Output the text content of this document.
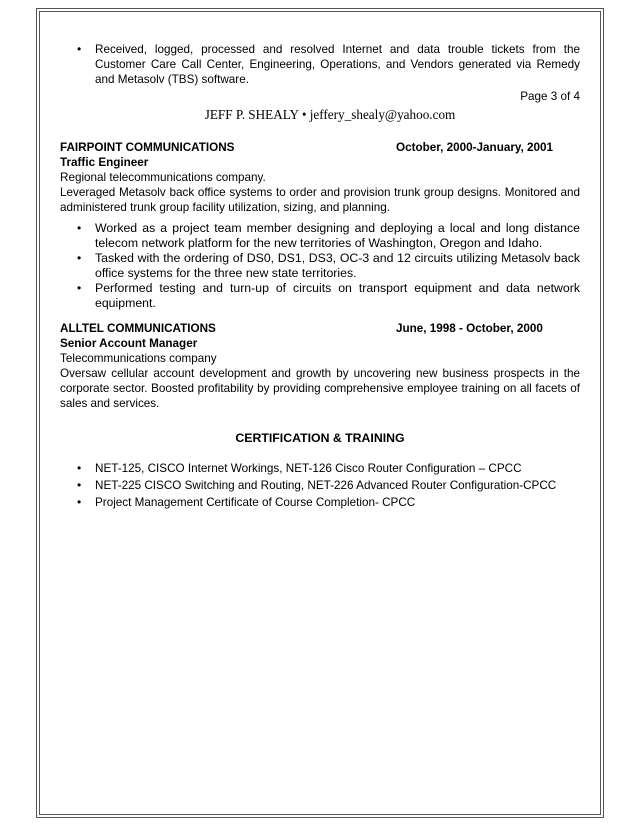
• Received, logged, processed and resolved Internet and data trouble tickets from the Customer Care Call Center, Engineering, Operations, and Vendors generated via Remedy and Metasolv (TBS) software.
Page 3 of 4
JEFF P. SHEALY • jeffery_shealy@yahoo.com
FAIRPOINT COMMUNICATIONS	October, 2000-January, 2001
Traffic Engineer
Regional telecommunications company.
Leveraged Metasolv back office systems to order and provision trunk group designs. Monitored and administered trunk group facility utilization, sizing, and planning.
• Worked as a project team member designing and deploying a local and long distance telecom network platform for the new territories of Washington, Oregon and Idaho.
• Tasked with the ordering of DS0, DS1, DS3, OC-3 and 12 circuits utilizing Metasolv back office systems for the three new state territories.
• Performed testing and turn-up of circuits on transport equipment and data network equipment.
ALLTEL COMMUNICATIONS	June, 1998 - October, 2000
Senior Account Manager
Telecommunications company
Oversaw cellular account development and growth by uncovering new business prospects in the corporate sector. Boosted profitability by providing comprehensive employee training on all facets of sales and services.
CERTIFICATION & TRAINING
• NET-125, CISCO Internet Workings, NET-126 Cisco Router Configuration – CPCC
• NET-225 CISCO Switching and Routing, NET-226 Advanced Router Configuration-CPCC
• Project Management Certificate of Course Completion- CPCC
